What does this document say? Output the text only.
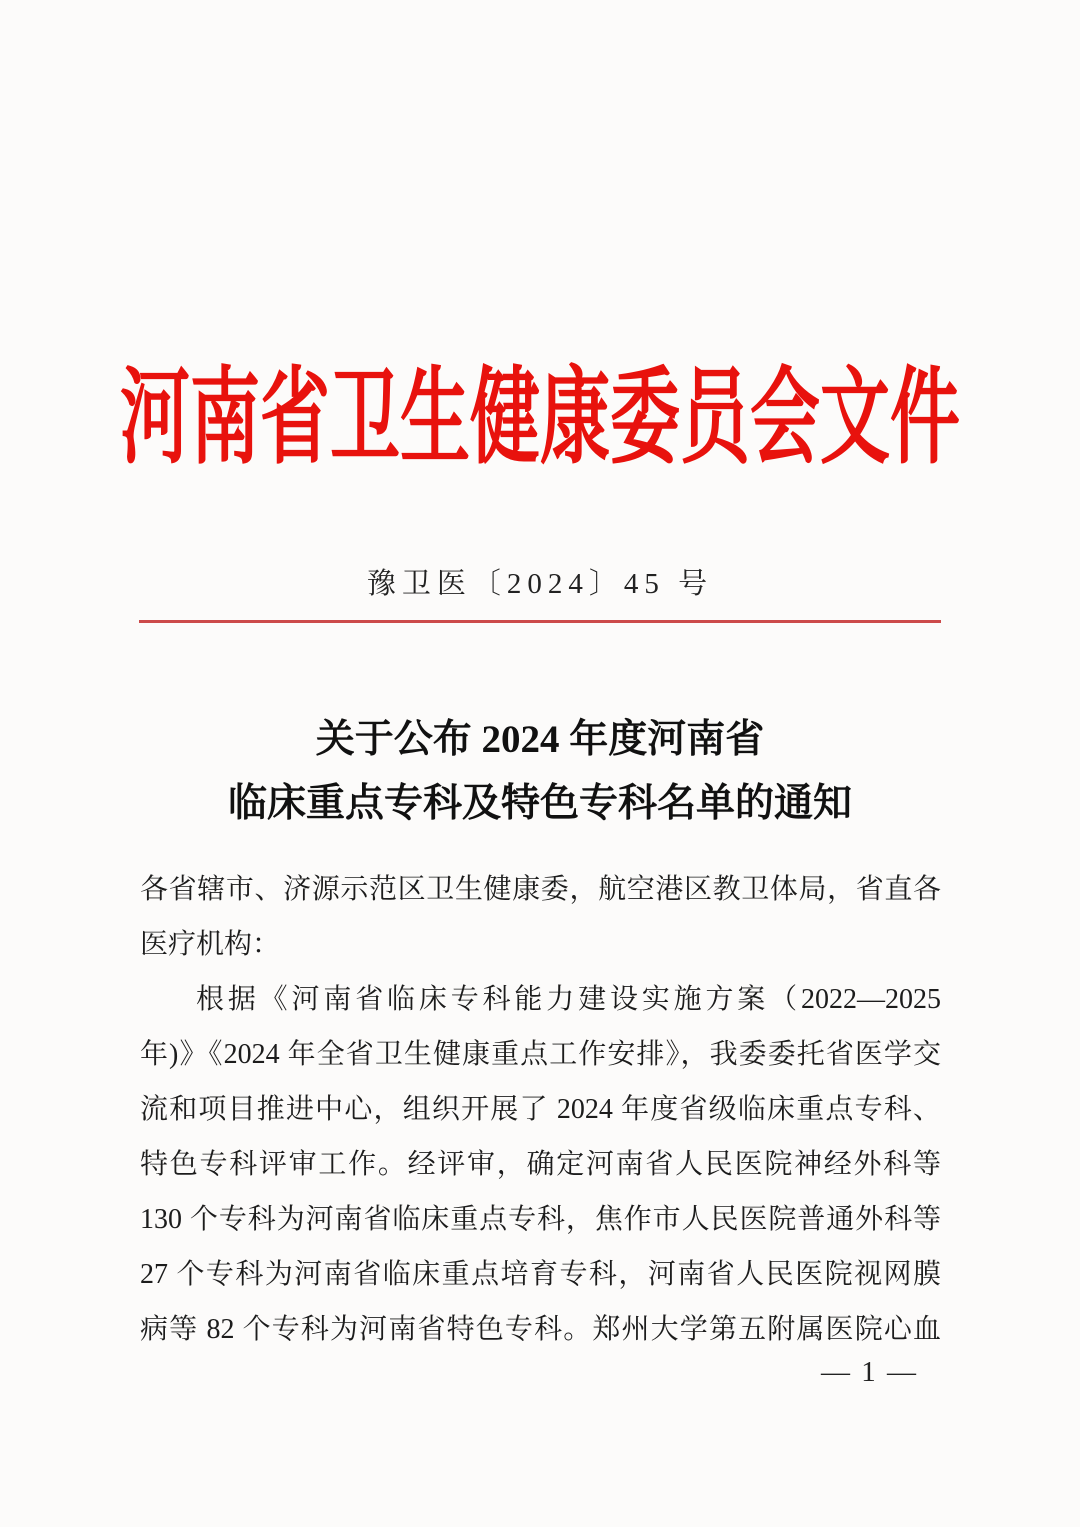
河南省卫生健康委员会文件
豫卫医〔2024〕45 号
关于公布 2024 年度河南省
临床重点专科及特色专科名单的通知
各省辖市、济源示范区卫生健康委，航空港区教卫体局，省直各
医疗机构：
根据《河南省临床专科能力建设实施方案（2022—2025
年)》《2024 年全省卫生健康重点工作安排》，我委委托省医学交
流和项目推进中心，组织开展了 2024 年度省级临床重点专科、
特色专科评审工作。经评审，确定河南省人民医院神经外科等
130 个专科为河南省临床重点专科，焦作市人民医院普通外科等
27 个专科为河南省临床重点培育专科，河南省人民医院视网膜
病等 82 个专科为河南省特色专科。郑州大学第五附属医院心血
— 1 —
